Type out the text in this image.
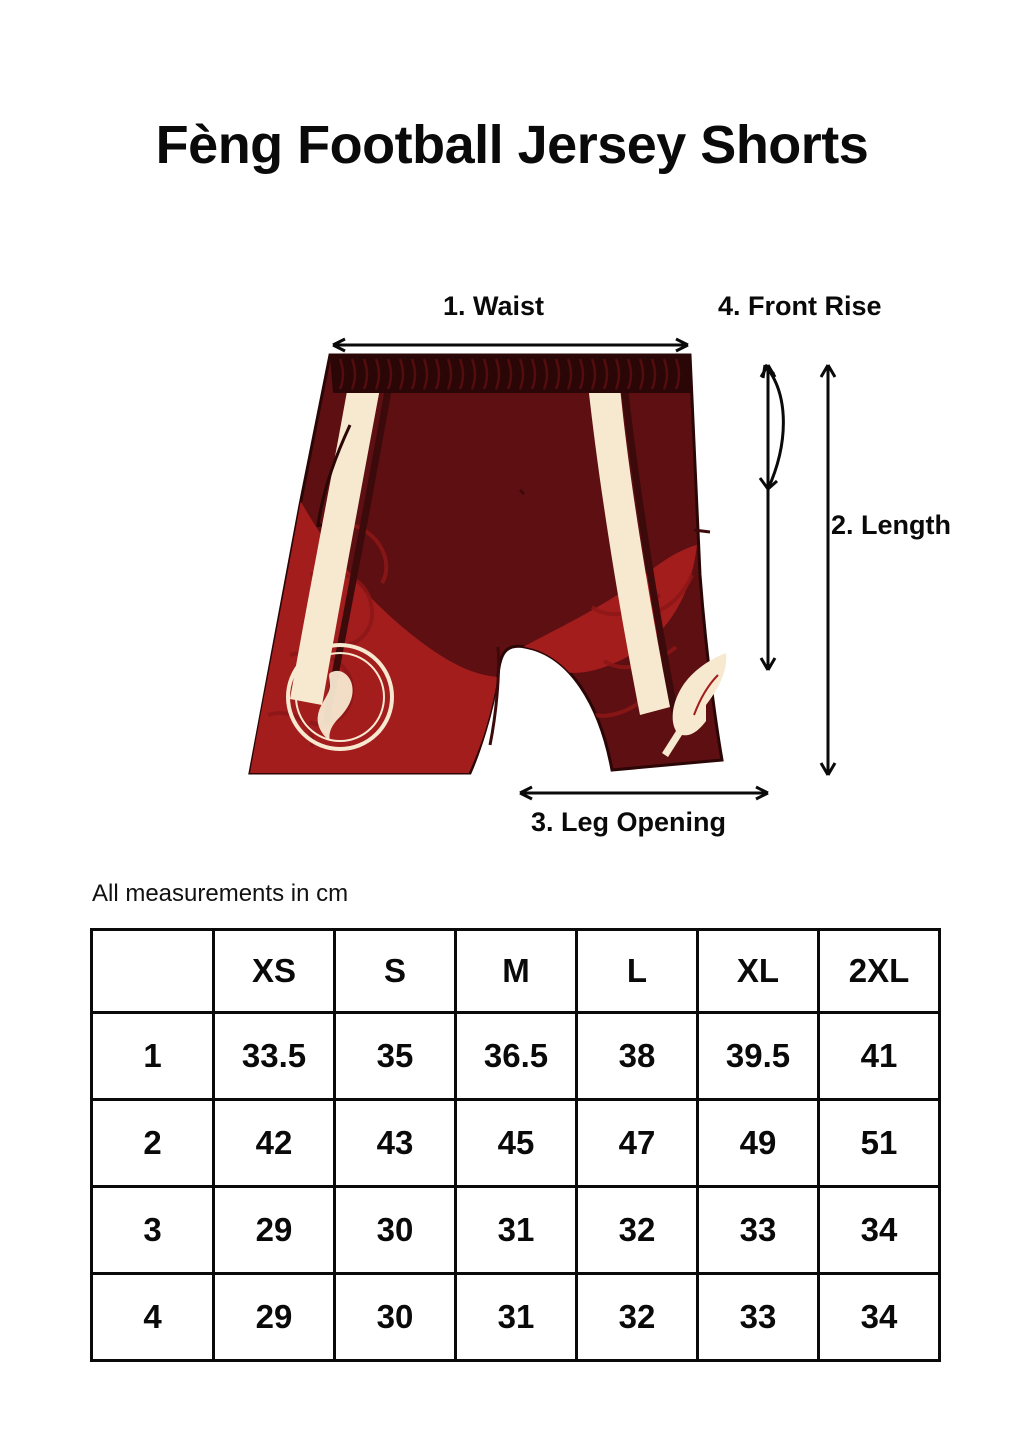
Fèng Football Jersey Shorts
1. Waist	4. Front Rise
2. Length
3. Leg Opening
All measurements in cm
	XS	S	M	L	XL	2XL
1	33.5	35	36.5	38	39.5	41
2	42	43	45	47	49	51
3	29	30	31	32	33	34
4	29	30	31	32	33	34
